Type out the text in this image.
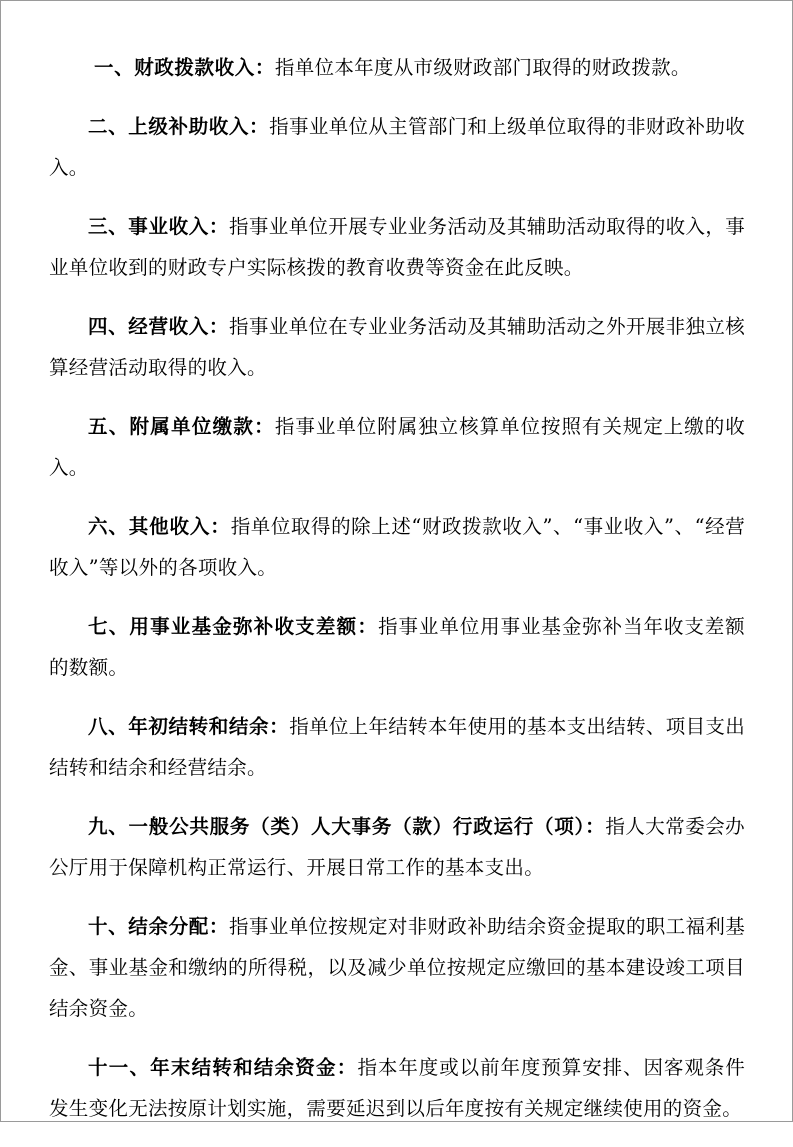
一、财政拨款收入：指单位本年度从市级财政部门取得的财政拨款。

二、上级补助收入：指事业单位从主管部门和上级单位取得的非财政补助收入。

三、事业收入：指事业单位开展专业业务活动及其辅助活动取得的收入，事业单位收到的财政专户实际核拨的教育收费等资金在此反映。

四、经营收入：指事业单位在专业业务活动及其辅助活动之外开展非独立核算经营活动取得的收入。

五、附属单位缴款：指事业单位附属独立核算单位按照有关规定上缴的收入。

六、其他收入：指单位取得的除上述“财政拨款收入”、“事业收入”、“经营收入”等以外的各项收入。

七、用事业基金弥补收支差额：指事业单位用事业基金弥补当年收支差额的数额。

八、年初结转和结余：指单位上年结转本年使用的基本支出结转、项目支出结转和结余和经营结余。

九、一般公共服务（类）人大事务（款）行政运行（项）：指人大常委会办公厅用于保障机构正常运行、开展日常工作的基本支出。

十、结余分配：指事业单位按规定对非财政补助结余资金提取的职工福利基金、事业基金和缴纳的所得税，以及减少单位按规定应缴回的基本建设竣工项目结余资金。

十一、年末结转和结余资金：指本年度或以前年度预算安排、因客观条件发生变化无法按原计划实施，需要延迟到以后年度按有关规定继续使用的资金。
